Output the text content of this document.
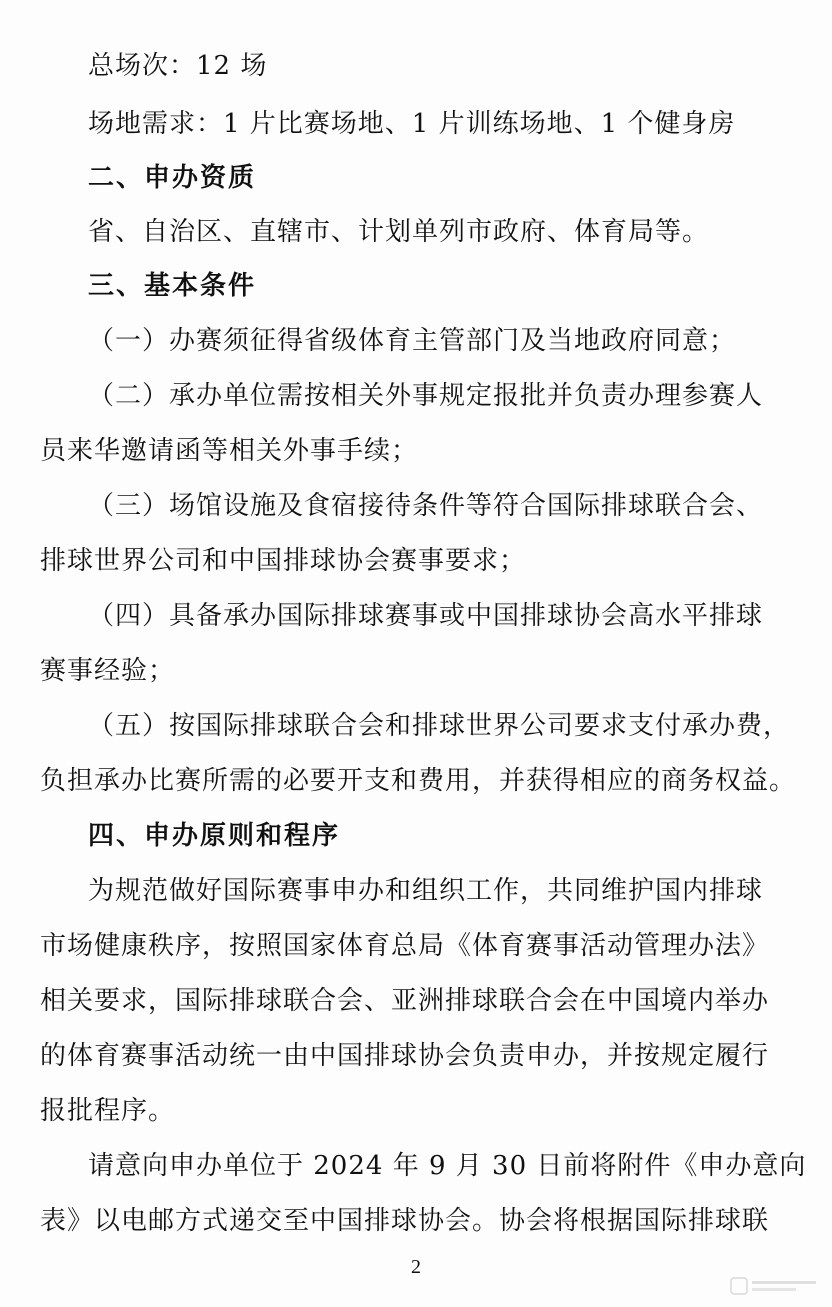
总场次：12 场
场地需求：1 片比赛场地、1 片训练场地、1 个健身房
二、申办资质
省、自治区、直辖市、计划单列市政府、体育局等。
三、基本条件
（一）办赛须征得省级体育主管部门及当地政府同意；
（二）承办单位需按相关外事规定报批并负责办理参赛人
员来华邀请函等相关外事手续；
（三）场馆设施及食宿接待条件等符合国际排球联合会、
排球世界公司和中国排球协会赛事要求；
（四）具备承办国际排球赛事或中国排球协会高水平排球
赛事经验；
（五）按国际排球联合会和排球世界公司要求支付承办费，
负担承办比赛所需的必要开支和费用，并获得相应的商务权益。
四、申办原则和程序
为规范做好国际赛事申办和组织工作，共同维护国内排球
市场健康秩序，按照国家体育总局《体育赛事活动管理办法》
相关要求，国际排球联合会、亚洲排球联合会在中国境内举办
的体育赛事活动统一由中国排球协会负责申办，并按规定履行
报批程序。
请意向申办单位于 2024 年 9 月 30 日前将附件《申办意向
表》以电邮方式递交至中国排球协会。协会将根据国际排球联
2
